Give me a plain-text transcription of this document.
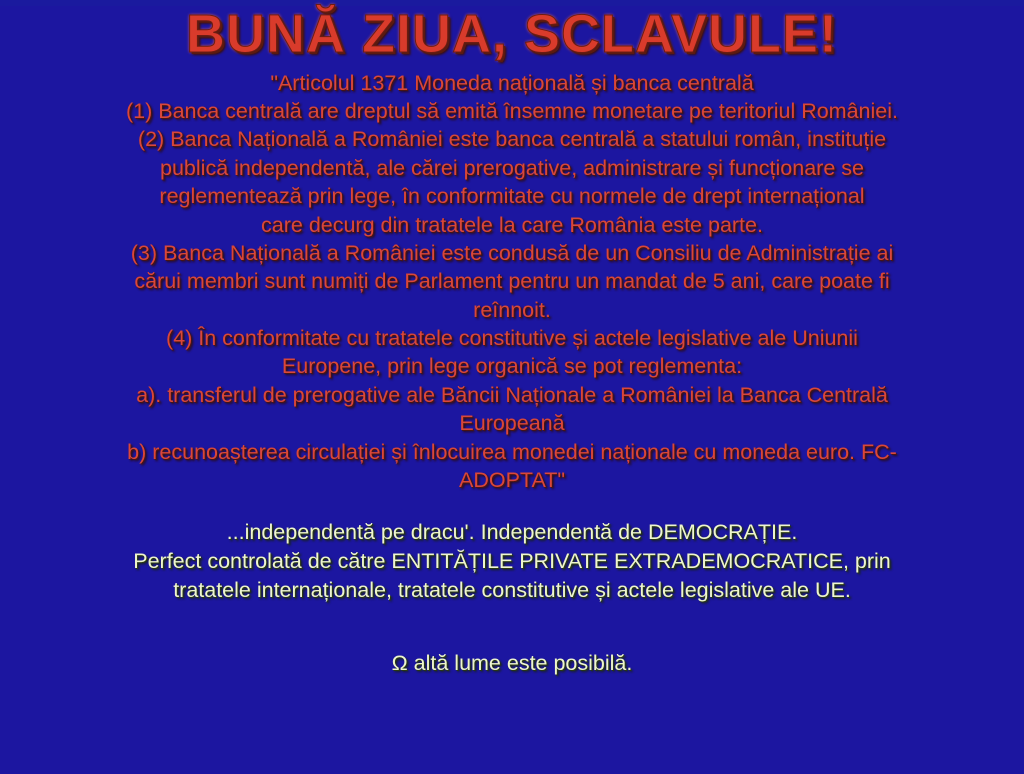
BUNĂ ZIUA, SCLAVULE!

"Articolul 1371 Moneda națională și banca centrală

(1) Banca centrală are dreptul să emită însemne monetare pe teritoriul României.

(2) Banca Națională a României este banca centrală a statului român, instituție

publică independentă, ale cărei prerogative, administrare și funcționare se

reglementează prin lege, în conformitate cu normele de drept internațional

care decurg din tratatele la care România este parte.

(3) Banca Națională a României este condusă de un Consiliu de Administrație ai

cărui membri sunt numiți de Parlament pentru un mandat de 5 ani, care poate fi

reînnoit.

(4) În conformitate cu tratatele constitutive și actele legislative ale Uniunii

Europene, prin lege organică se pot reglementa:

a). transferul de prerogative ale Băncii Naționale a României la Banca Centrală

Europeană

b) recunoașterea circulației și înlocuirea monedei naționale cu moneda euro. FC-

ADOPTAT"

...independentă pe dracu'. Independentă de DEMOCRAȚIE.

Perfect controlată de către ENTITĂȚILE PRIVATE EXTRADEMOCRATICE, prin

tratatele internaționale, tratatele constitutive și actele legislative ale UE.

Ω altă lume este posibilă.
